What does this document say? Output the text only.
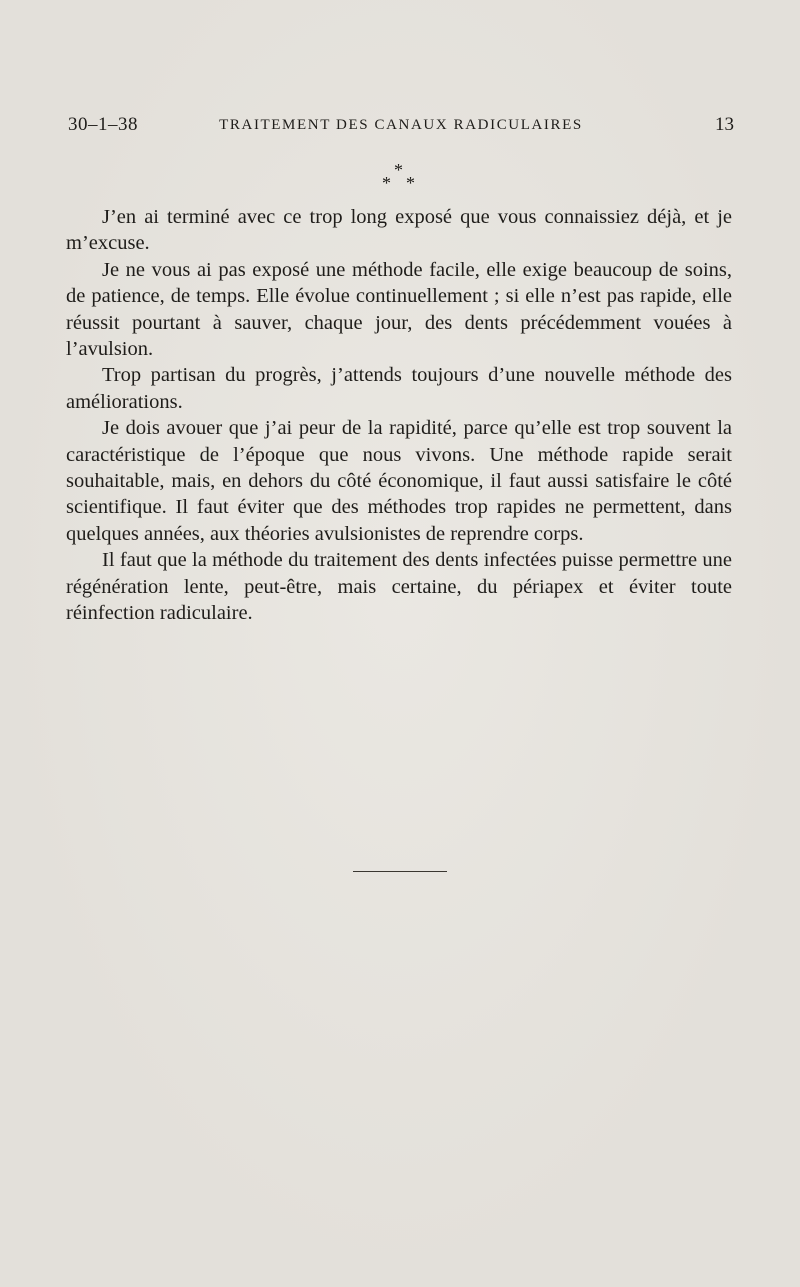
30–1–38	TRAITEMENT DES CANAUX RADICULAIRES	13
*
* *

J’en ai terminé avec ce trop long exposé que vous connaissiez déjà, et je m’excuse.

Je ne vous ai pas exposé une méthode facile, elle exige beaucoup de soins, de patience, de temps. Elle évolue continuellement ; si elle n’est pas rapide, elle réussit pourtant à sauver, chaque jour, des dents précédemment vouées à l’avulsion.

Trop partisan du progrès, j’attends toujours d’une nouvelle méthode des améliorations.

Je dois avouer que j’ai peur de la rapidité, parce qu’elle est trop souvent la caractéristique de l’époque que nous vivons. Une méthode rapide serait souhaitable, mais, en dehors du côté économique, il faut aussi satisfaire le côté scientifique. Il faut éviter que des méthodes trop rapides ne permettent, dans quelques années, aux théories avulsionistes de reprendre corps.

Il faut que la méthode du traitement des dents infectées puisse permettre une régénération lente, peut-être, mais certaine, du périapex et éviter toute réinfection radiculaire.
